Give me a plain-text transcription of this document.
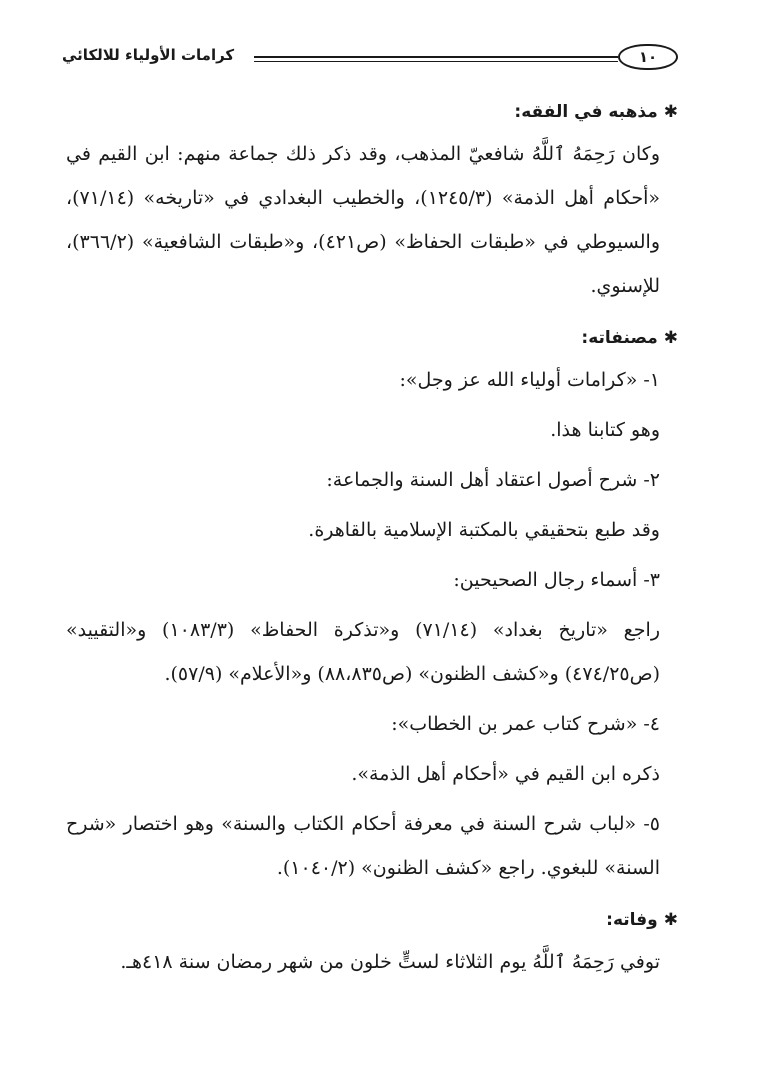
كرامات الأولياء للالكائي	١٠

✱مذهبه في الفقه:

وكان رَحِمَهُ ٱللَّهُ شافعيّ المذهب، وقد ذكر ذلك جماعة منهم: ابن القيم في «أحكام أهل الذمة» (١٢٤٥/٣)، والخطيب البغدادي في «تاريخه» (٧١/١٤)، والسيوطي في «طبقات الحفاظ» (ص٤٢١)، و«طبقات الشافعية» (٣٦٦/٢)، للإسنوي.

✱مصنفاته:

١- «كرامات أولياء الله عز وجل»:

وهو كتابنا هذا.

٢- شرح أصول اعتقاد أهل السنة والجماعة:

وقد طبع بتحقيقي بالمكتبة الإسلامية بالقاهرة.

٣- أسماء رجال الصحيحين:

راجع «تاريخ بغداد» (٧١/١٤) و«تذكرة الحفاظ» (١٠٨٣/٣) و«التقييد» (ص٤٧٤/٢٥) و«كشف الظنون» (ص٨٨،٨٣٥) و«الأعلام» (٥٧/٩).

٤- «شرح كتاب عمر بن الخطاب»:

ذكره ابن القيم في «أحكام أهل الذمة».

٥- «لباب شرح السنة في معرفة أحكام الكتاب والسنة» وهو اختصار «شرح السنة» للبغوي. راجع «كشف الظنون» (١٠٤٠/٢).

✱وفاته:

توفي رَحِمَهُ ٱللَّهُ يوم الثلاثاء لستٍّ خلون من شهر رمضان سنة ٤١٨هـ.
